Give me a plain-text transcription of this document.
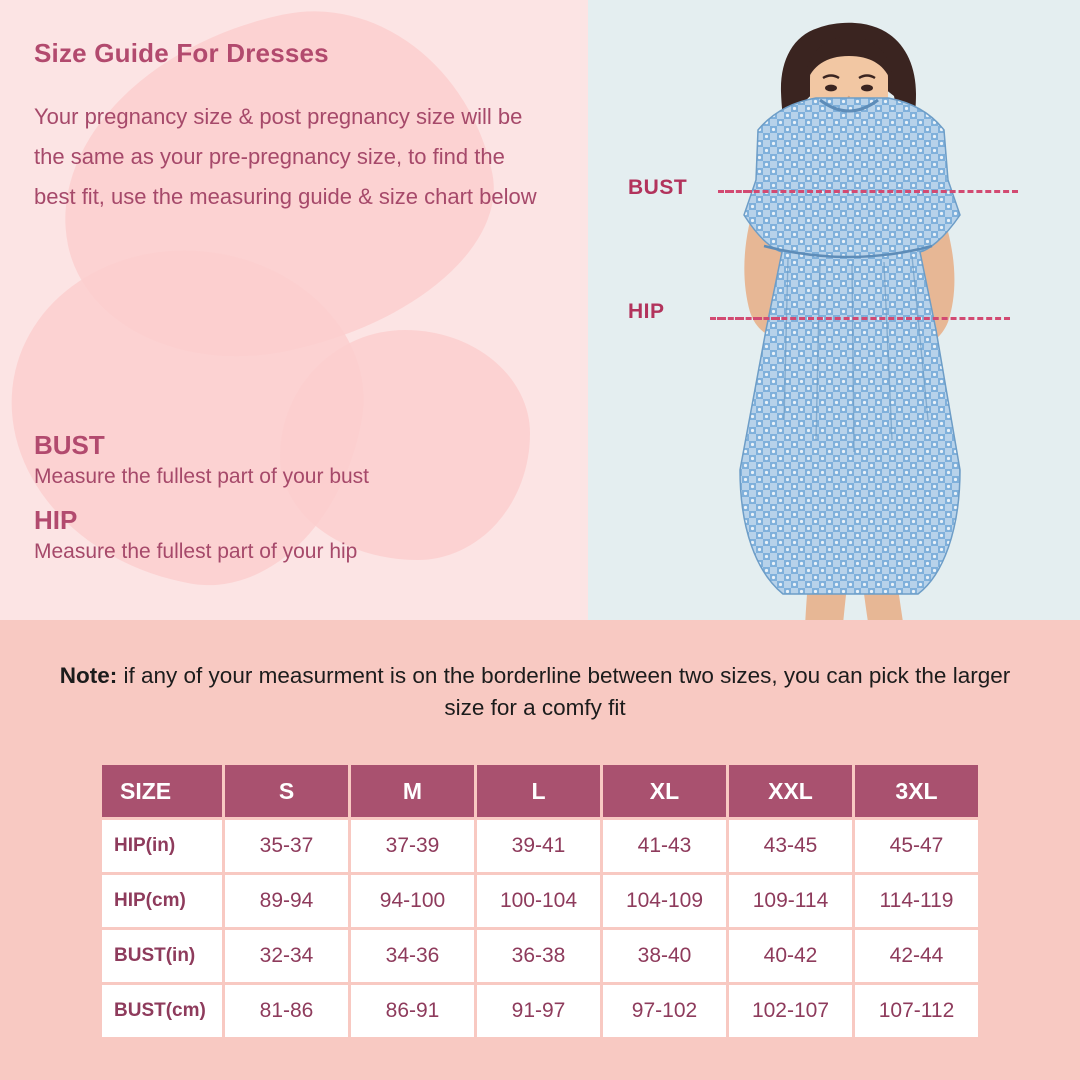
Size Guide For Dresses

Your pregnancy size & post pregnancy size will be the same as your pre-pregnancy size, to find the best fit, use the measuring guide & size chart below

BUST
Measure the fullest part of your bust
HIP
Measure the fullest part of your hip
BUST
HIP
Note: if any of your measurment is on the borderline between two sizes, you can pick the larger size for a comfy fit
SIZE	S	M	L	XL	XXL	3XL
HIP(in)	35-37	37-39	39-41	41-43	43-45	45-47
HIP(cm)	89-94	94-100	100-104	104-109	109-114	114-119
BUST(in)	32-34	34-36	36-38	38-40	40-42	42-44
BUST(cm)	81-86	86-91	91-97	97-102	102-107	107-112
